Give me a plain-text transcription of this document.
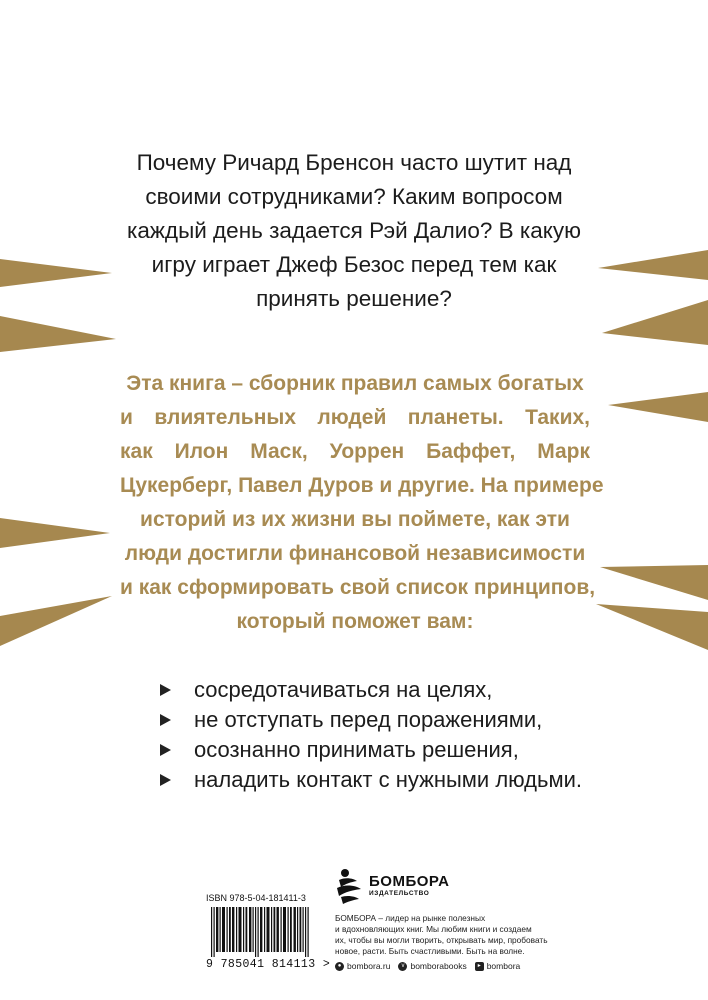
Почему Ричард Бренсон часто шутит над
своими сотрудниками? Каким вопросом
каждый день задается Рэй Далио? В какую
игру играет Джеф Безос перед тем как
принять решение?
Эта книга – сборник правил самых богатых
и влиятельных людей планеты. Таких,
как Илон Маск, Уоррен Баффет, Марк
Цукерберг, Павел Дуров и другие. На примере
историй из их жизни вы поймете, как эти
люди достигли финансовой независимости
и как сформировать свой список принципов,
который поможет вам:
сосредотачиваться на целях,
не отступать перед поражениями,
осознанно принимать решения,
наладить контакт с нужными людьми.
ISBN 978-5-04-181411-3
9 785041 814113 >
БОМБОРА
ИЗДАТЕЛЬСТВО
БОМБОРА – лидер на рынке полезных
и вдохновляющих книг. Мы любим книги и создаем
их, чтобы вы могли творить, открывать мир, пробовать
новое, расти. Быть счастливыми. Быть на волне.
● bombora.ru	v bomborabooks	▸ bombora
